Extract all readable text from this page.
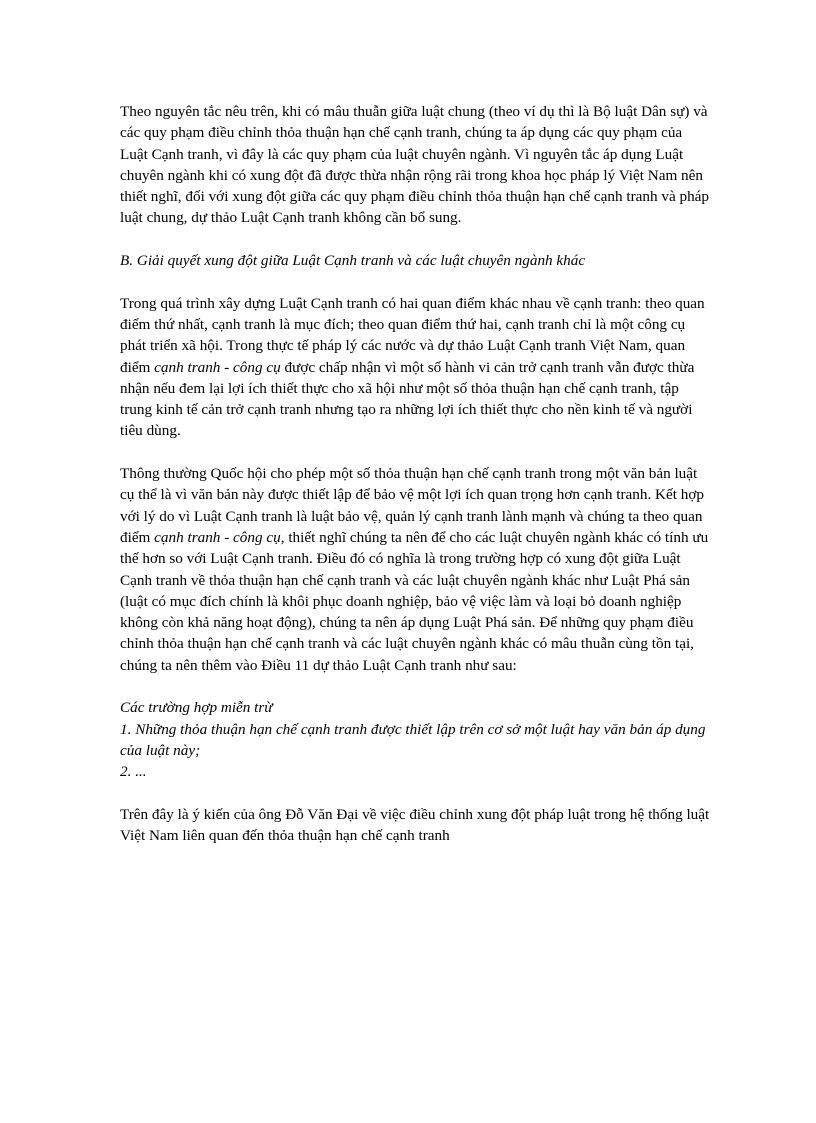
Theo nguyên tắc nêu trên, khi có mâu thuẫn giữa luật chung (theo ví dụ thì là Bộ luật Dân sự) và các quy phạm điều chỉnh thỏa thuận hạn chế cạnh tranh, chúng ta áp dụng các quy phạm của Luật Cạnh tranh, vì đây là các quy phạm của luật chuyên ngành. Vì nguyên tắc áp dụng Luật chuyên ngành khi có xung đột đã được thừa nhận rộng rãi trong khoa học pháp lý Việt Nam nên thiết nghĩ, đối với xung đột giữa các quy phạm điều chỉnh thỏa thuận hạn chế cạnh tranh và pháp luật chung, dự thảo Luật Cạnh tranh không cần bổ sung.

B. Giải quyết xung đột giữa Luật Cạnh tranh và các luật chuyên ngành khác

Trong quá trình xây dựng Luật Cạnh tranh có hai quan điểm khác nhau về cạnh tranh: theo quan điểm thứ nhất, cạnh tranh là mục đích; theo quan điểm thứ hai, cạnh tranh chỉ là một công cụ phát triển xã hội. Trong thực tế pháp lý các nước và dự thảo Luật Cạnh tranh Việt Nam, quan điểm cạnh tranh - công cụ được chấp nhận vì một số hành vi cản trở cạnh tranh vẫn được thừa nhận nếu đem lại lợi ích thiết thực cho xã hội như một số thỏa thuận hạn chế cạnh tranh, tập trung kinh tế cản trở cạnh tranh nhưng tạo ra những lợi ích thiết thực cho nền kinh tế và người tiêu dùng.

Thông thường Quốc hội cho phép một số thỏa thuận hạn chế cạnh tranh trong một văn bản luật cụ thể là vì văn bản này được thiết lập để bảo vệ một lợi ích quan trọng hơn cạnh tranh. Kết hợp với lý do vì Luật Cạnh tranh là luật bảo vệ, quản lý cạnh tranh lành mạnh và chúng ta theo quan điểm cạnh tranh - công cụ, thiết nghĩ chúng ta nên để cho các luật chuyên ngành khác có tính ưu thế hơn so với Luật Cạnh tranh. Điều đó có nghĩa là trong trường hợp có xung đột giữa Luật Cạnh tranh về thỏa thuận hạn chế cạnh tranh và các luật chuyên ngành khác như Luật Phá sản (luật có mục đích chính là khôi phục doanh nghiệp, bảo vệ việc làm và loại bỏ doanh nghiệp không còn khả năng hoạt động), chúng ta nên áp dụng Luật Phá sản. Để những quy phạm điều chỉnh thỏa thuận hạn chế cạnh tranh và các luật chuyên ngành khác có mâu thuẫn cùng tồn tại, chúng ta nên thêm vào Điều 11 dự thảo Luật Cạnh tranh như sau:

Các trường hợp miễn trừ
1. Những thỏa thuận hạn chế cạnh tranh được thiết lập trên cơ sở một luật hay văn bản áp dụng của luật này;
2. ...

Trên đây là ý kiến của ông Đỗ Văn Đại về việc điều chỉnh xung đột pháp luật trong hệ thống luật Việt Nam liên quan đến thỏa thuận hạn chế cạnh tranh
